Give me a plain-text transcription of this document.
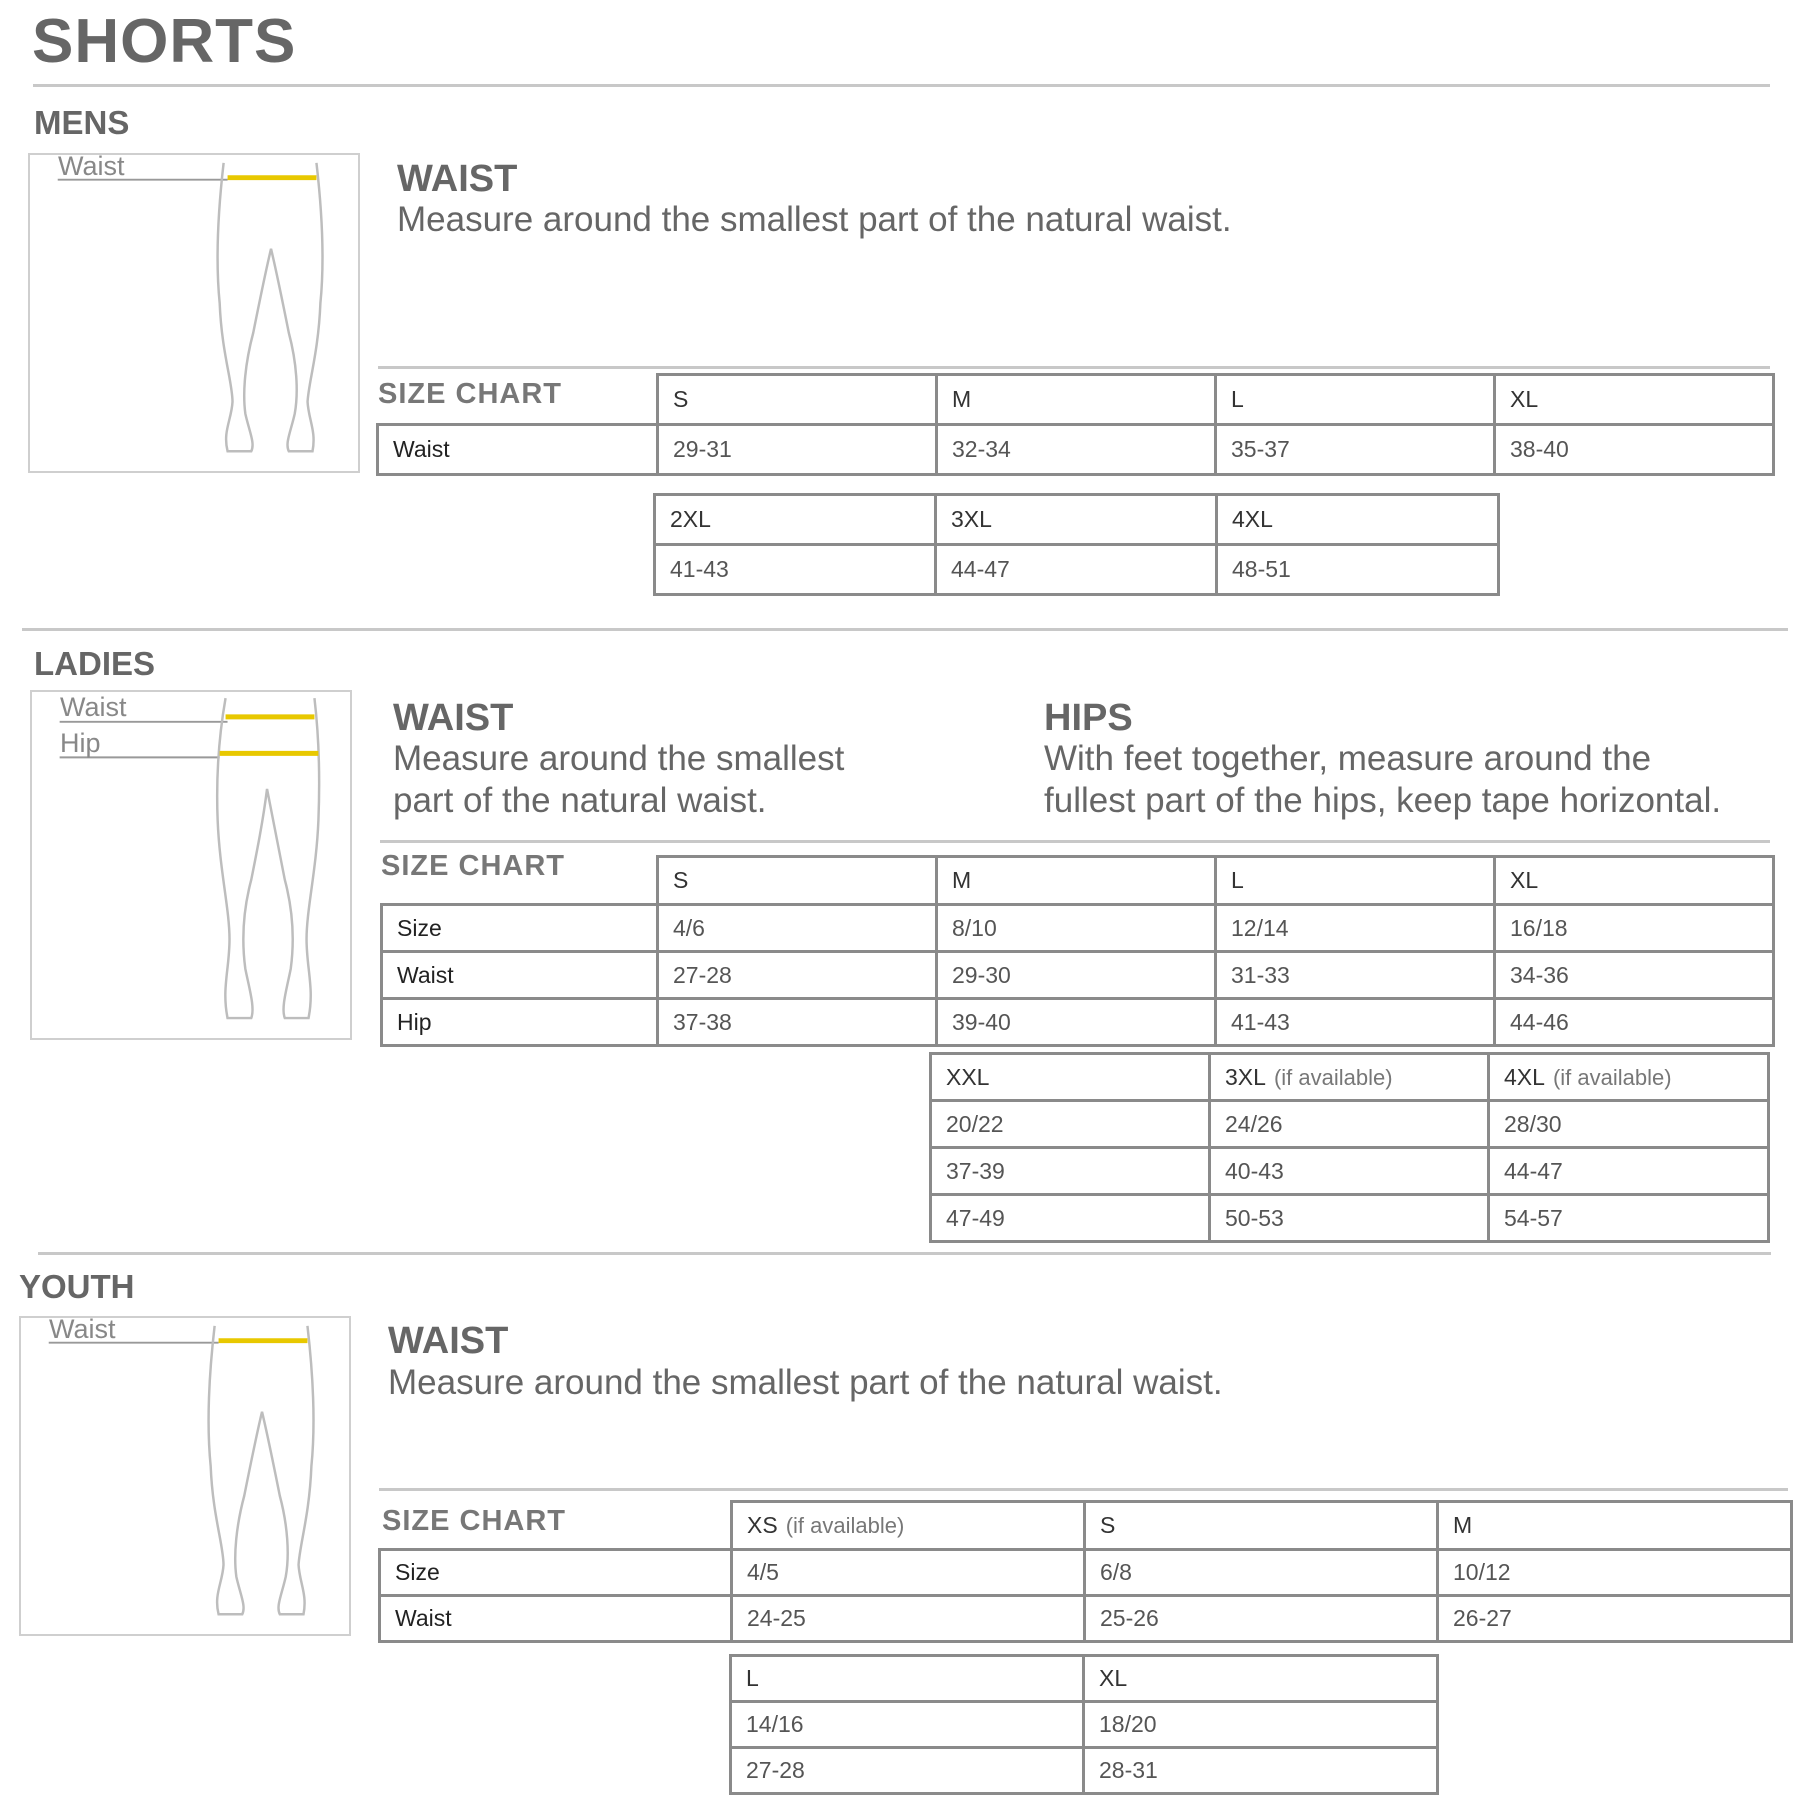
SHORTS
MENS
Waist	WAIST
Measure around the smallest part of the natural waist.
SIZE CHART
		S	M	L	XL
Waist	29-31	32-34	35-37	38-40
2XL	3XL	4XL
41-43	44-47	48-51
LADIES
Waist
Hip
WAIST
Measure around the smallest
part of the natural waist.
HIPS
With feet together, measure around the
fullest part of the hips, keep tape horizontal.
SIZE CHART
		S	M	L	XL
Size	4/6	8/10	12/14	16/18
Waist	27-28	29-30	31-33	34-36
Hip	37-38	39-40	41-43	44-46
XXL	3XL (if available)	4XL (if available)
20/22	24/26	28/30
37-39	40-43	44-47
47-49	50-53	54-57
YOUTH
Waist	WAIST
Measure around the smallest part of the natural waist.
SIZE CHART
		XS (if available)	S	M
Size	4/5	6/8	10/12
Waist	24-25	25-26	26-27
L	XL
14/16	18/20
27-28	28-31
